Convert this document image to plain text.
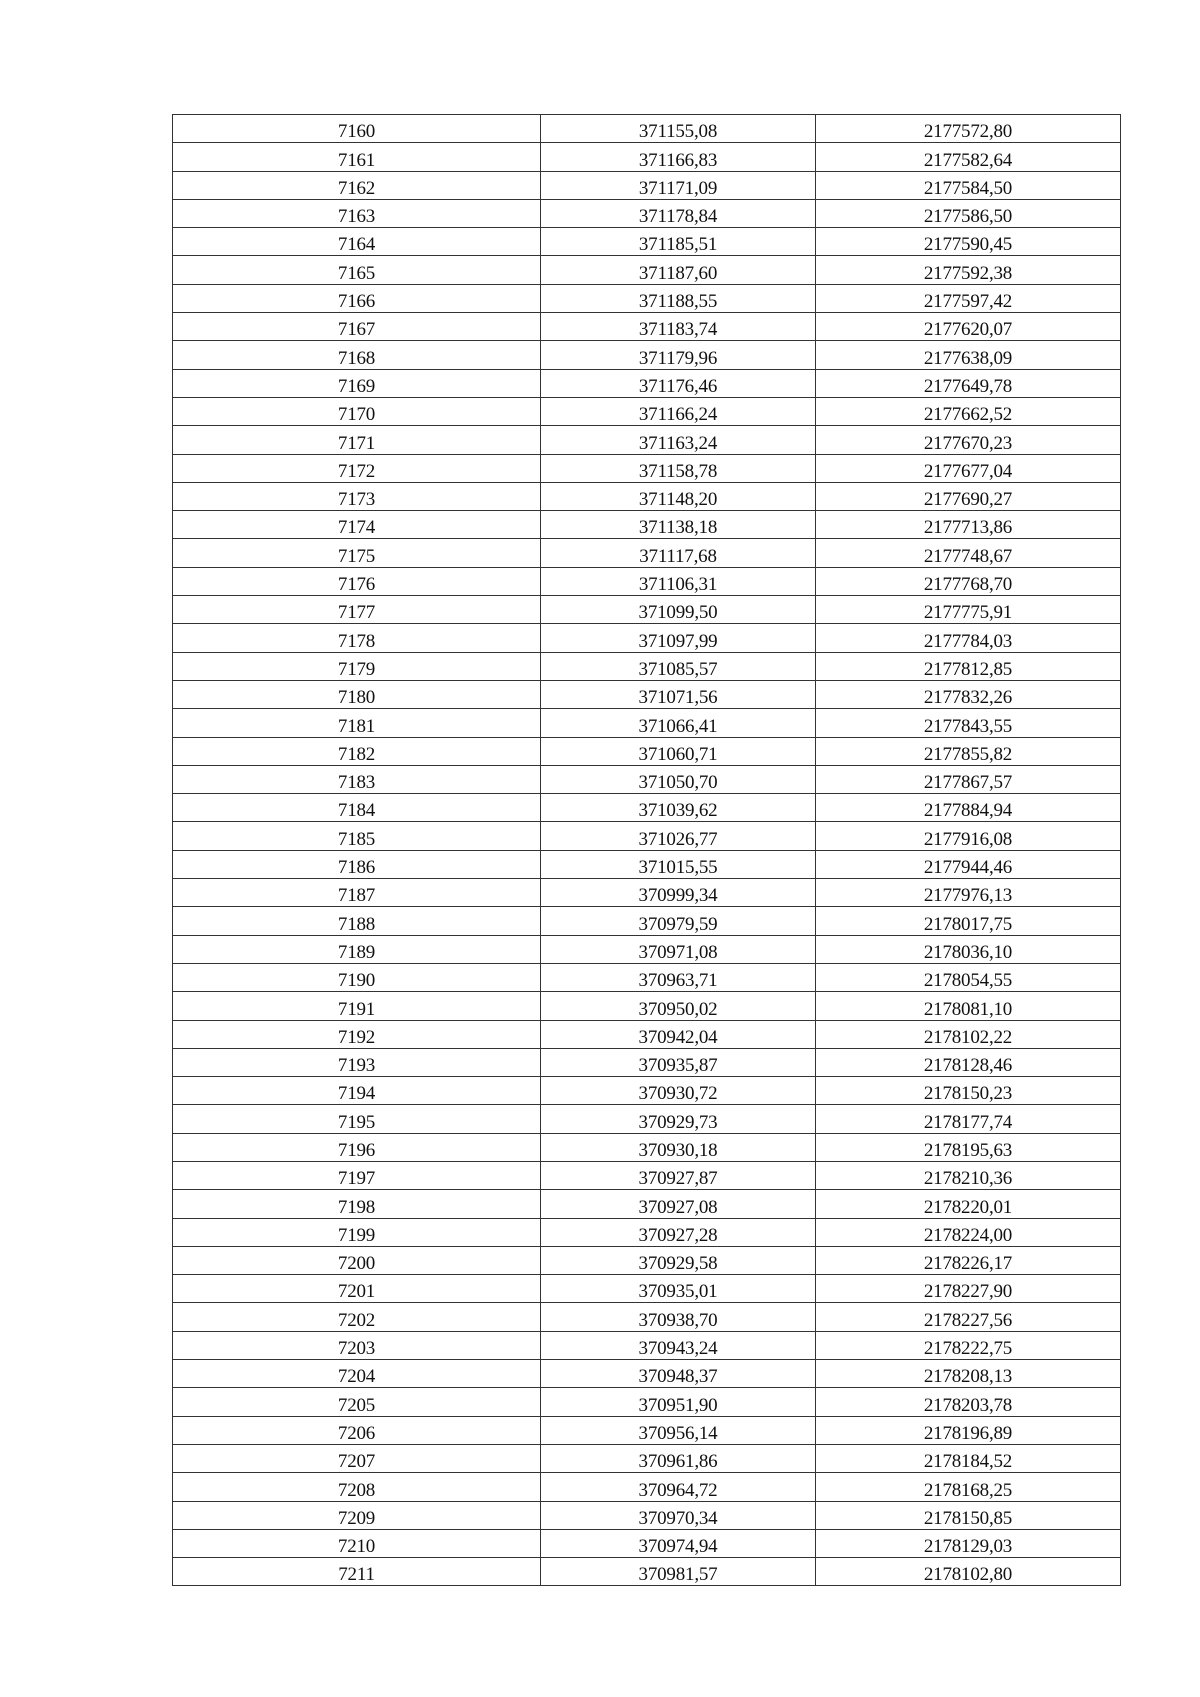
7160	371155,08	2177572,80
7161	371166,83	2177582,64
7162	371171,09	2177584,50
7163	371178,84	2177586,50
7164	371185,51	2177590,45
7165	371187,60	2177592,38
7166	371188,55	2177597,42
7167	371183,74	2177620,07
7168	371179,96	2177638,09
7169	371176,46	2177649,78
7170	371166,24	2177662,52
7171	371163,24	2177670,23
7172	371158,78	2177677,04
7173	371148,20	2177690,27
7174	371138,18	2177713,86
7175	371117,68	2177748,67
7176	371106,31	2177768,70
7177	371099,50	2177775,91
7178	371097,99	2177784,03
7179	371085,57	2177812,85
7180	371071,56	2177832,26
7181	371066,41	2177843,55
7182	371060,71	2177855,82
7183	371050,70	2177867,57
7184	371039,62	2177884,94
7185	371026,77	2177916,08
7186	371015,55	2177944,46
7187	370999,34	2177976,13
7188	370979,59	2178017,75
7189	370971,08	2178036,10
7190	370963,71	2178054,55
7191	370950,02	2178081,10
7192	370942,04	2178102,22
7193	370935,87	2178128,46
7194	370930,72	2178150,23
7195	370929,73	2178177,74
7196	370930,18	2178195,63
7197	370927,87	2178210,36
7198	370927,08	2178220,01
7199	370927,28	2178224,00
7200	370929,58	2178226,17
7201	370935,01	2178227,90
7202	370938,70	2178227,56
7203	370943,24	2178222,75
7204	370948,37	2178208,13
7205	370951,90	2178203,78
7206	370956,14	2178196,89
7207	370961,86	2178184,52
7208	370964,72	2178168,25
7209	370970,34	2178150,85
7210	370974,94	2178129,03
7211	370981,57	2178102,80
